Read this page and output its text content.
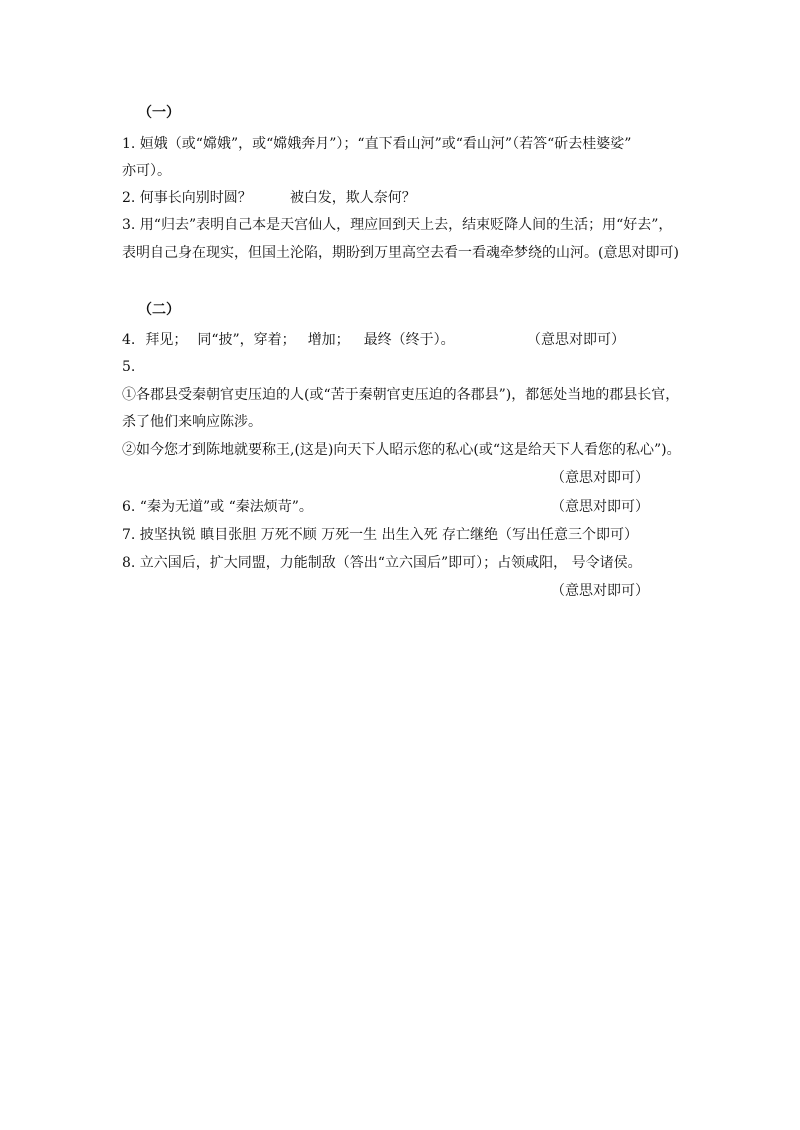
（一）
1. 姮娥（或“嫦娥”，或“嫦娥奔月”）；“直下看山河”或“看山河”（若答“斫去桂婆娑”
亦可）。
2. 何事长向别时圆？	被白发，欺人奈何？
3. 用“归去”表明自己本是天宫仙人，理应回到天上去，结束贬降人间的生活；用“好去”，
表明自己身在现实，但国土沦陷，期盼到万里高空去看一看魂牵梦绕的山河。(意思对即可)
（二）
4. 拜见； 同“披”，穿着； 增加； 最终（终于）。	（意思对即可）
5.
①各郡县受秦朝官吏压迫的人(或“苦于秦朝官吏压迫的各郡县”)，都惩处当地的郡县长官，
杀了他们来响应陈涉。
②如今您才到陈地就要称王,(这是)向天下人昭示您的私心(或“这是给天下人看您的私心”)。
（意思对即可）
6. “秦为无道”或 “秦法烦苛”。	（意思对即可）
7. 披坚执锐 瞋目张胆 万死不顾 万死一生 出生入死 存亡继绝（写出任意三个即可）
8. 立六国后，扩大同盟，力能制敌（答出“立六国后”即可）；占领咸阳， 号令诸侯。
（意思对即可）
